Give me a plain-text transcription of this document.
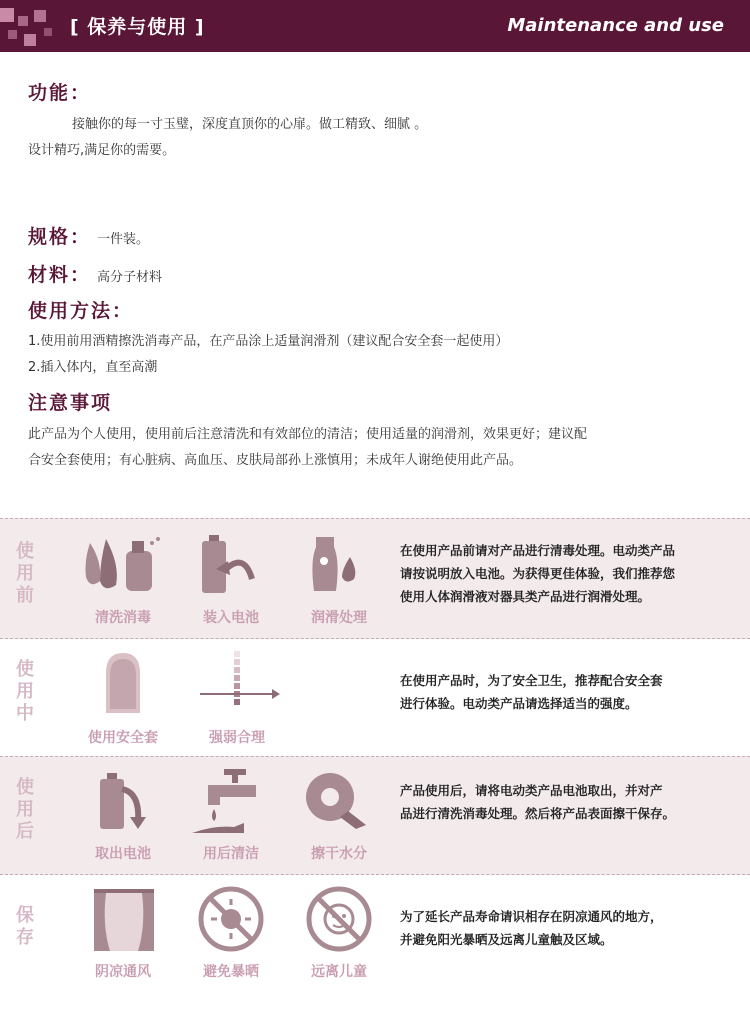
[ 保养与使用 ]	Maintenance and use
功能：
接触你的每一寸玉璧，深度直顶你的心扉。做工精致、细腻 。
设计精巧,满足你的需要。
规格： 一件装。
材料： 高分子材料
使用方法：
1.使用前用酒精擦洗消毒产品，在产品涂上适量润滑剂（建议配合安全套一起使用）
2.插入体内，直至高潮
注意事项
此产品为个人使用，使用前后注意清洗和有效部位的清洁；使用适量的润滑剂，效果更好；建议配
合安全套使用；有心脏病、高血压、皮肤局部孙上涨慎用；未成年人谢绝使用此产品。
使
用
前
清洗消毒	装入电池	润滑处理
在使用产品前请对产品进行清毒处理。电动类产品
请按说明放入电池。为获得更佳体验，我们推荐您
使用人体润滑液对器具类产品进行润滑处理。
使
用
中
使用安全套	强弱合理
在使用产品时，为了安全卫生，推荐配合安全套
进行体验。电动类产品请选择适当的强度。
使
用
后
取出电池	用后清洁	擦干水分
产品使用后，请将电动类产品电池取出，并对产
品进行清洗消毒处理。然后将产品表面擦干保存。
保
存
阴凉通风	避免暴晒	远离儿童
为了延长产品寿命请识相存在阴凉通风的地方，
并避免阳光暴晒及远离儿童触及区域。
